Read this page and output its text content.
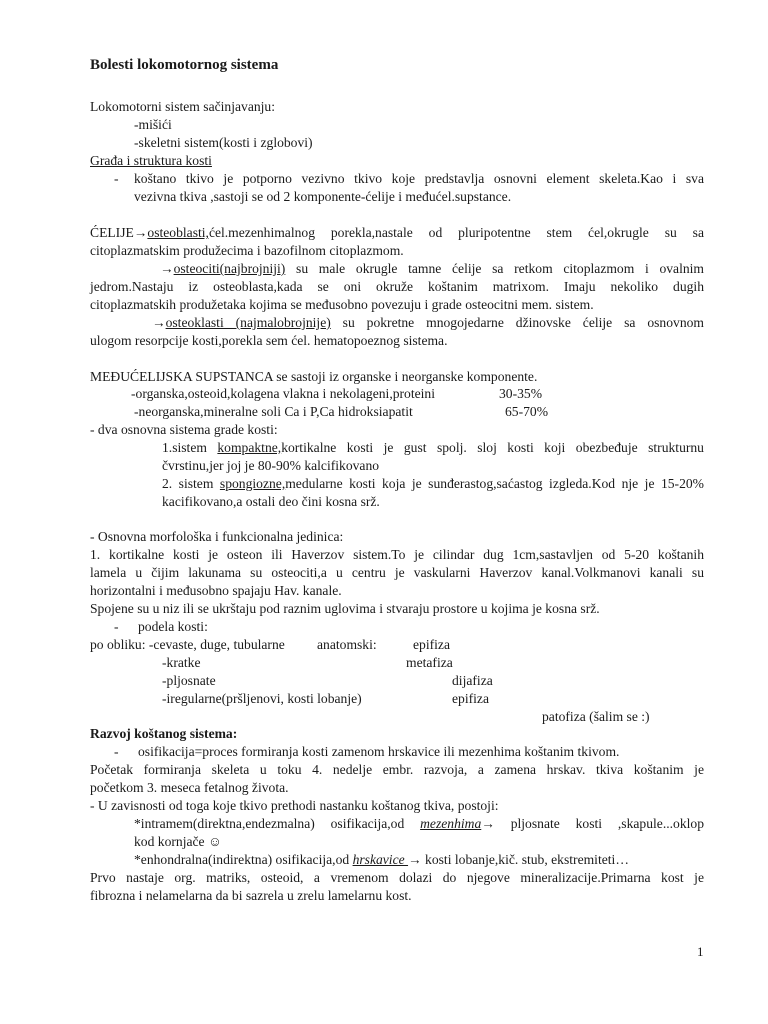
Bolesti lokomotornog sistema
Lokomotorni sistem sačinjavanju:
-mišići
-skeletni sistem(kosti i zglobovi)
Građa i struktura kosti
- koštano tkivo je potporno vezivno tkivo koje predstavlja osnovni element skeleta.Kao i sva
vezivna tkiva ,sastoji se od 2 komponente-ćelije i međućel.supstance.
ĆELIJE→osteoblasti,ćel.mezenhimalnog porekla,nastale od pluripotentne stem ćel,okrugle su sa
citoplazmatskim produžecima i bazofilnom citoplazmom.
→osteociti(najbrojniji) su male okrugle tamne ćelije sa retkom citoplazmom i ovalnim
jedrom.Nastaju iz osteoblasta,kada se oni okruže koštanim matrixom. Imaju nekoliko dugih
citoplazmatskih produžetaka kojima se međusobno povezuju i grade osteocitni mem. sistem.
→osteoklasti (najmalobrojnije) su pokretne mnogojedarne džinovske ćelije sa osnovnom
ulogom resorpcije kosti,porekla sem ćel. hematopoeznog sistema.
MEĐUĆELIJSKA SUPSTANCA se sastoji iz organske i neorganske komponente.
-organska,osteoid,kolagena vlakna i nekolageni,proteini	30-35%
-neorganska,mineralne soli Ca i P,Ca hidroksiapatit	65-70%
- dva osnovna sistema grade kosti:
1.sistem kompaktne,kortikalne kosti je gust spolj. sloj kosti koji obezbeđuje strukturnu
čvrstinu,jer joj je 80-90% kalcifikovano
2. sistem spongiozne,medularne kosti koja je sunđerastog,saćastog izgleda.Kod nje je 15-20%
kacifikovano,a ostali deo čini kosna srž.
- Osnovna morfološka i funkcionalna jedinica:
1. kortikalne kosti je osteon ili Haverzov sistem.To je cilindar dug 1cm,sastavljen od 5-20 koštanih
lamela u čijim lakunama su osteociti,a u centru je vaskularni Haverzov kanal.Volkmanovi kanali su
horizontalni i međusobno spajaju Hav. kanale.
Spojene su u niz ili se ukrštaju pod raznim uglovima i stvaraju prostore u kojima je kosna srž.
- podela kosti:
po obliku: -cevaste, duge, tubularne anatomski:	epifiza
-kratke	metafiza
-pljosnate	dijafiza
-iregularne(pršljenovi, kosti lobanje)	epifiza
patofiza (šalim se :)
Razvoj koštanog sistema:
- osifikacija=proces formiranja kosti zamenom hrskavice ili mezenhima koštanim tkivom.
Početak formiranja skeleta u toku 4. nedelje embr. razvoja, a zamena hrskav. tkiva koštanim je
početkom 3. meseca fetalnog života.
- U zavisnosti od toga koje tkivo prethodi nastanku koštanog tkiva, postoji:
*intramem(direktna,endezmalna) osifikacija,od mezenhima→ pljosnate kosti ,skapule...oklop
kod kornjače ☺
*enhondralna(indirektna) osifikacija,od hrskavice → kosti lobanje,kič. stub, ekstremiteti…
Prvo nastaje org. matriks, osteoid, a vremenom dolazi do njegove mineralizacije.Primarna kost je
fibrozna i nelamelarna da bi sazrela u zrelu lamelarnu kost.
1
